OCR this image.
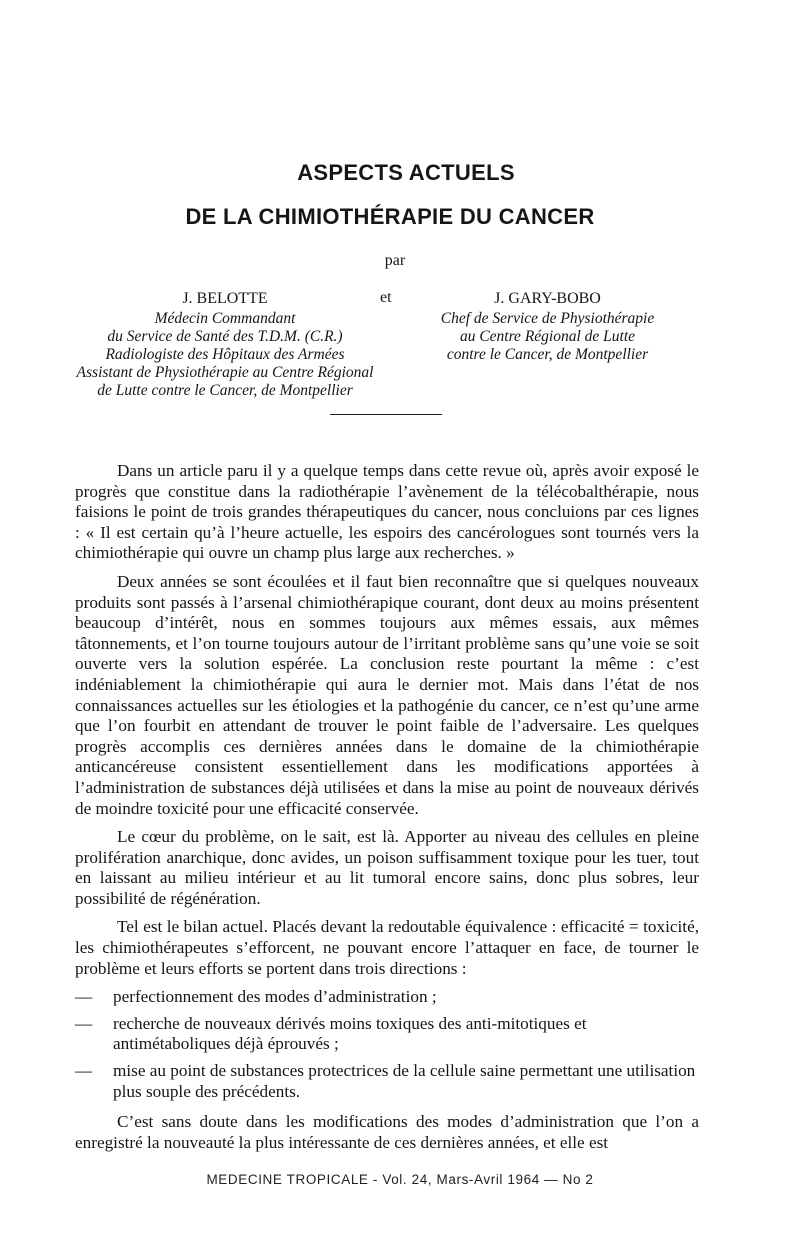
ASPECTS ACTUELS
DE LA CHIMIOTHÉRAPIE DU CANCER
par
et
J. BELOTTE
Médecin Commandant
du Service de Santé des T.D.M. (C.R.)
Radiologiste des Hôpitaux des Armées
Assistant de Physiothérapie au Centre Régional
de Lutte contre le Cancer, de Montpellier
J. GARY-BOBO
Chef de Service de Physiothérapie
au Centre Régional de Lutte
contre le Cancer, de Montpellier

Dans un article paru il y a quelque temps dans cette revue où, après avoir exposé le progrès que constitue dans la radiothérapie l’avènement de la télécobalthérapie, nous faisions le point de trois grandes thérapeutiques du cancer, nous concluions par ces lignes : « Il est certain qu’à l’heure actuelle, les espoirs des cancérologues sont tournés vers la chimiothérapie qui ouvre un champ plus large aux recherches. »

Deux années se sont écoulées et il faut bien reconnaître que si quelques nouveaux produits sont passés à l’arsenal chimiothérapique courant, dont deux au moins présentent beaucoup d’intérêt, nous en sommes toujours aux mêmes essais, aux mêmes tâtonnements, et l’on tourne toujours autour de l’irritant problème sans qu’une voie se soit ouverte vers la solution espérée. La conclusion reste pourtant la même : c’est indéniablement la chimiothérapie qui aura le dernier mot. Mais dans l’état de nos connaissances actuelles sur les étiologies et la pathogénie du cancer, ce n’est qu’une arme que l’on fourbit en attendant de trouver le point faible de l’adversaire. Les quelques progrès accomplis ces dernières années dans le domaine de la chimiothérapie anticancéreuse consistent essentiellement dans les modifications apportées à l’administration de substances déjà utilisées et dans la mise au point de nouveaux dérivés de moindre toxicité pour une efficacité conservée.

Le cœur du problème, on le sait, est là. Apporter au niveau des cellules en pleine prolifération anarchique, donc avides, un poison suffisamment toxique pour les tuer, tout en laissant au milieu intérieur et au lit tumoral encore sains, donc plus sobres, leur possibilité de régénération.

Tel est le bilan actuel. Placés devant la redoutable équivalence : efficacité = toxicité, les chimiothérapeutes s’efforcent, ne pouvant encore l’attaquer en face, de tourner le problème et leurs efforts se portent dans trois directions :

— perfectionnement des modes d’administration ;
— recherche de nouveaux dérivés moins toxiques des anti-mitotiques et antimétaboliques déjà éprouvés ;
— mise au point de substances protectrices de la cellule saine permettant une utilisation plus souple des précédents.

C’est sans doute dans les modifications des modes d’administration que l’on a enregistré la nouveauté la plus intéressante de ces dernières années, et elle est

MEDECINE TROPICALE - Vol. 24, Mars-Avril 1964 — No 2
